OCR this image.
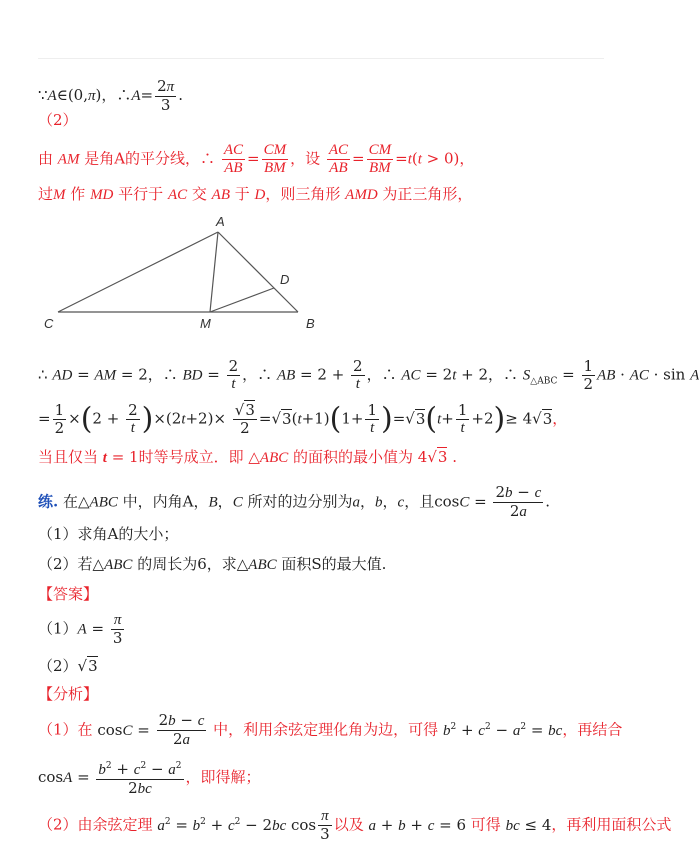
∵A∈(0,π)，∴A= $\frac{2\pi}{3}$ .
（2）
由 AM 是角A的平分线，∴ $\frac{AC}{AB} = \frac{CM}{BM}$ ，设 $\frac{AC}{AB} = \frac{CM}{BM} =t(t > 0)$，
过M 作 MD 平行于 AC 交 AB 于 D，则三角形 AMD 为正三角形，
A
B
C
D
M
∴ AD = AM = 2，∴ BD = $\frac{2}{t}$ ，∴ AB = $2 + \frac{2}{t}$ ，∴ AC = 2t + 2，∴ $S_{\triangle ABC} = \frac{1}{2}$ AB · AC · sin A
= $\frac{1}{2} \times(2 + \frac{2}{t} )\times(2t+2)\times \frac{√3}{2} =√3(t+1)(1+ \frac{1}{t} )=√3(t+ \frac{1}{t} +2)\ge 4√3$，
当且仅当 t = 1时等号成立．即 △ABC 的面积的最小值为 4√3 .
练. 在△ABC 中，内角A，B，C 所对的边分别为a，b，c，且$\cos C = \frac{2b - c}{2a}$ .
（1）求角A的大小；
（2）若△ABC 的周长为6，求△ABC 面积S的最大值.
【答案】
$(1)A = \frac{\pi}{3}$
（2）√3
【分析】
（1）在 $\cos C = \frac{2b - c}{2a}$ 中，利用余弦定理化角为边，可得 $b^2 + c^2 - a^2$ = bc，再结合
$\cos A = \frac{b^2 + c^2 - a^2}{2bc}$ ，即得解；
（2）由余弦定理 $a^2 = b^2 + c^2 - 2bc$ $\cos \frac{\pi}{3}$ 以及 a + b + c = 6 可得 bc ≤ 4，再利用面积公式
